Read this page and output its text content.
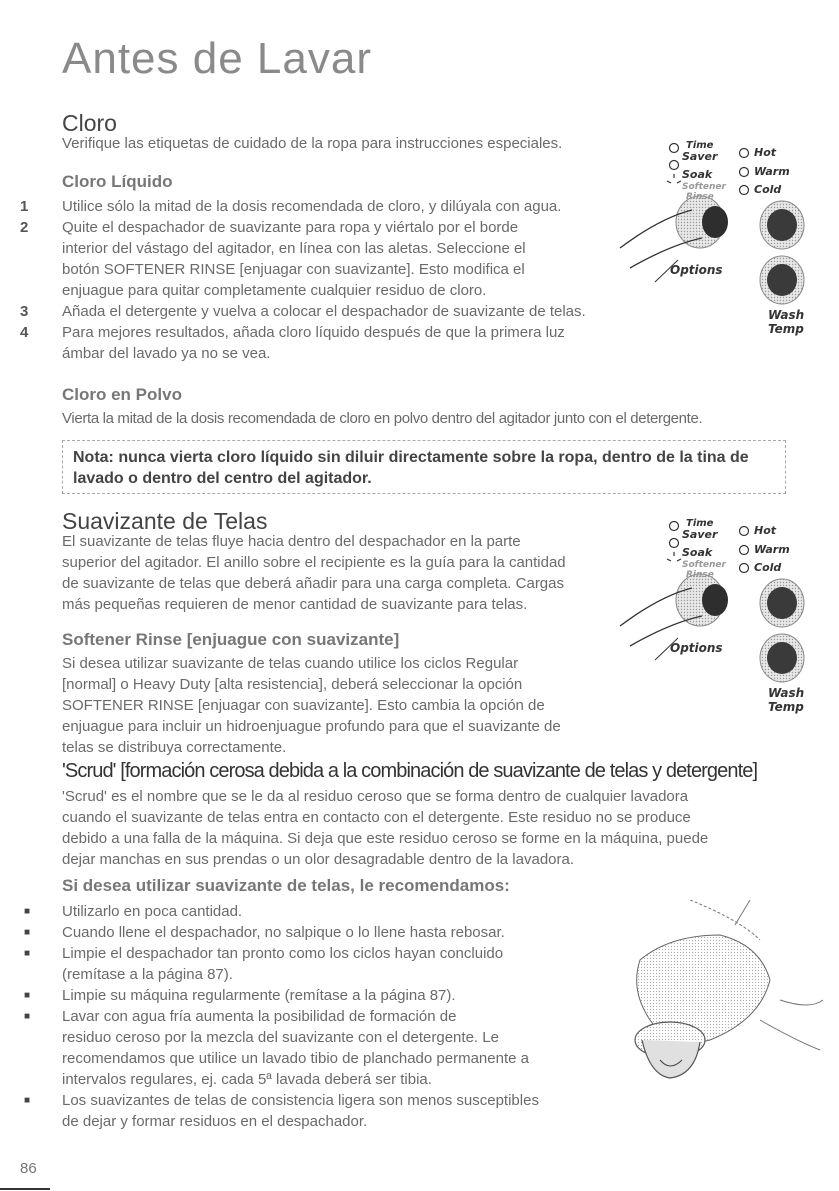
Antes de Lavar
Cloro
Verifique las etiquetas de cuidado de la ropa para instrucciones especiales.
Cloro Líquido
1 Utilice sólo la mitad de la dosis recomendada de cloro, y dilúyala con agua.
2 Quite el despachador de suavizante para ropa y viértalo por el borde
interior del vástago del agitador, en línea con las aletas. Seleccione el
botón SOFTENER RINSE [enjuagar con suavizante]. Esto modifica el
enjuague para quitar completamente cualquier residuo de cloro.
3 Añada el detergente y vuelva a colocar el despachador de suavizante de telas.
4 Para mejores resultados, añada cloro líquido después de que la primera luz
ámbar del lavado ya no se vea.
Cloro en Polvo
Vierta la mitad de la dosis recomendada de cloro en polvo dentro del agitador junto con el detergente.
Nota: nunca vierta cloro líquido sin diluir directamente sobre la ropa, dentro de la tina de
lavado o dentro del centro del agitador.
Suavizante de Telas
El suavizante de telas fluye hacia dentro del despachador en la parte
superior del agitador. El anillo sobre el recipiente es la guía para la cantidad
de suavizante de telas que deberá añadir para una carga completa. Cargas
más pequeñas requieren de menor cantidad de suavizante para telas.
Softener Rinse [enjuague con suavizante]
Si desea utilizar suavizante de telas cuando utilice los ciclos Regular
[normal] o Heavy Duty [alta resistencia], deberá seleccionar la opción
SOFTENER RINSE [enjuagar con suavizante]. Esto cambia la opción de
enjuague para incluir un hidroenjuague profundo para que el suavizante de
telas se distribuya correctamente.
'Scrud' [formación cerosa debida a la combinación de suavizante de telas y detergente]
'Scrud' es el nombre que se le da al residuo ceroso que se forma dentro de cualquier lavadora
cuando el suavizante de telas entra en contacto con el detergente. Este residuo no se produce
debido a una falla de la máquina. Si deja que este residuo ceroso se forme en la máquina, puede
dejar manchas en sus prendas o un olor desagradable dentro de la lavadora.
Si desea utilizar suavizante de telas, le recomendamos:
■ Utilizarlo en poca cantidad.
■ Cuando llene el despachador, no salpique o lo llene hasta rebosar.
■ Limpie el despachador tan pronto como los ciclos hayan concluido
(remítase a la página 87).
■ Limpie su máquina regularmente (remítase a la página 87).
■ Lavar con agua fría aumenta la posibilidad de formación de
residuo ceroso por la mezcla del suavizante con el detergente. Le
recomendamos que utilice un lavado tibio de planchado permanente a
intervalos regulares, ej. cada 5ª lavada deberá ser tibia.
■ Los suavizantes de telas de consistencia ligera son menos susceptibles
de dejar y formar residuos en el despachador.
Time
Saver
Soak
Softener
Rinse
Hot
Warm
Cold
Options
Wash
Temp
Time
Saver
Soak
Softener
Rinse
Hot
Warm
Cold
Options
Wash
Temp
86
